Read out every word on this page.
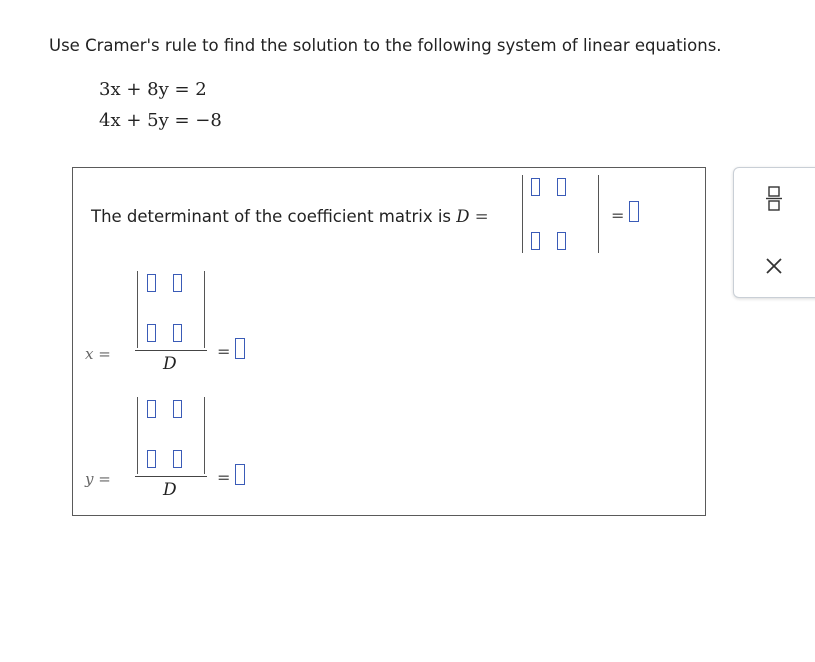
Use Cramer's rule to find the solution to the following system of linear equations.
3x + 8y = 2
4x + 5y = −8
The determinant of the coefficient matrix is D =	=
x =	D
=
y =
D
=
